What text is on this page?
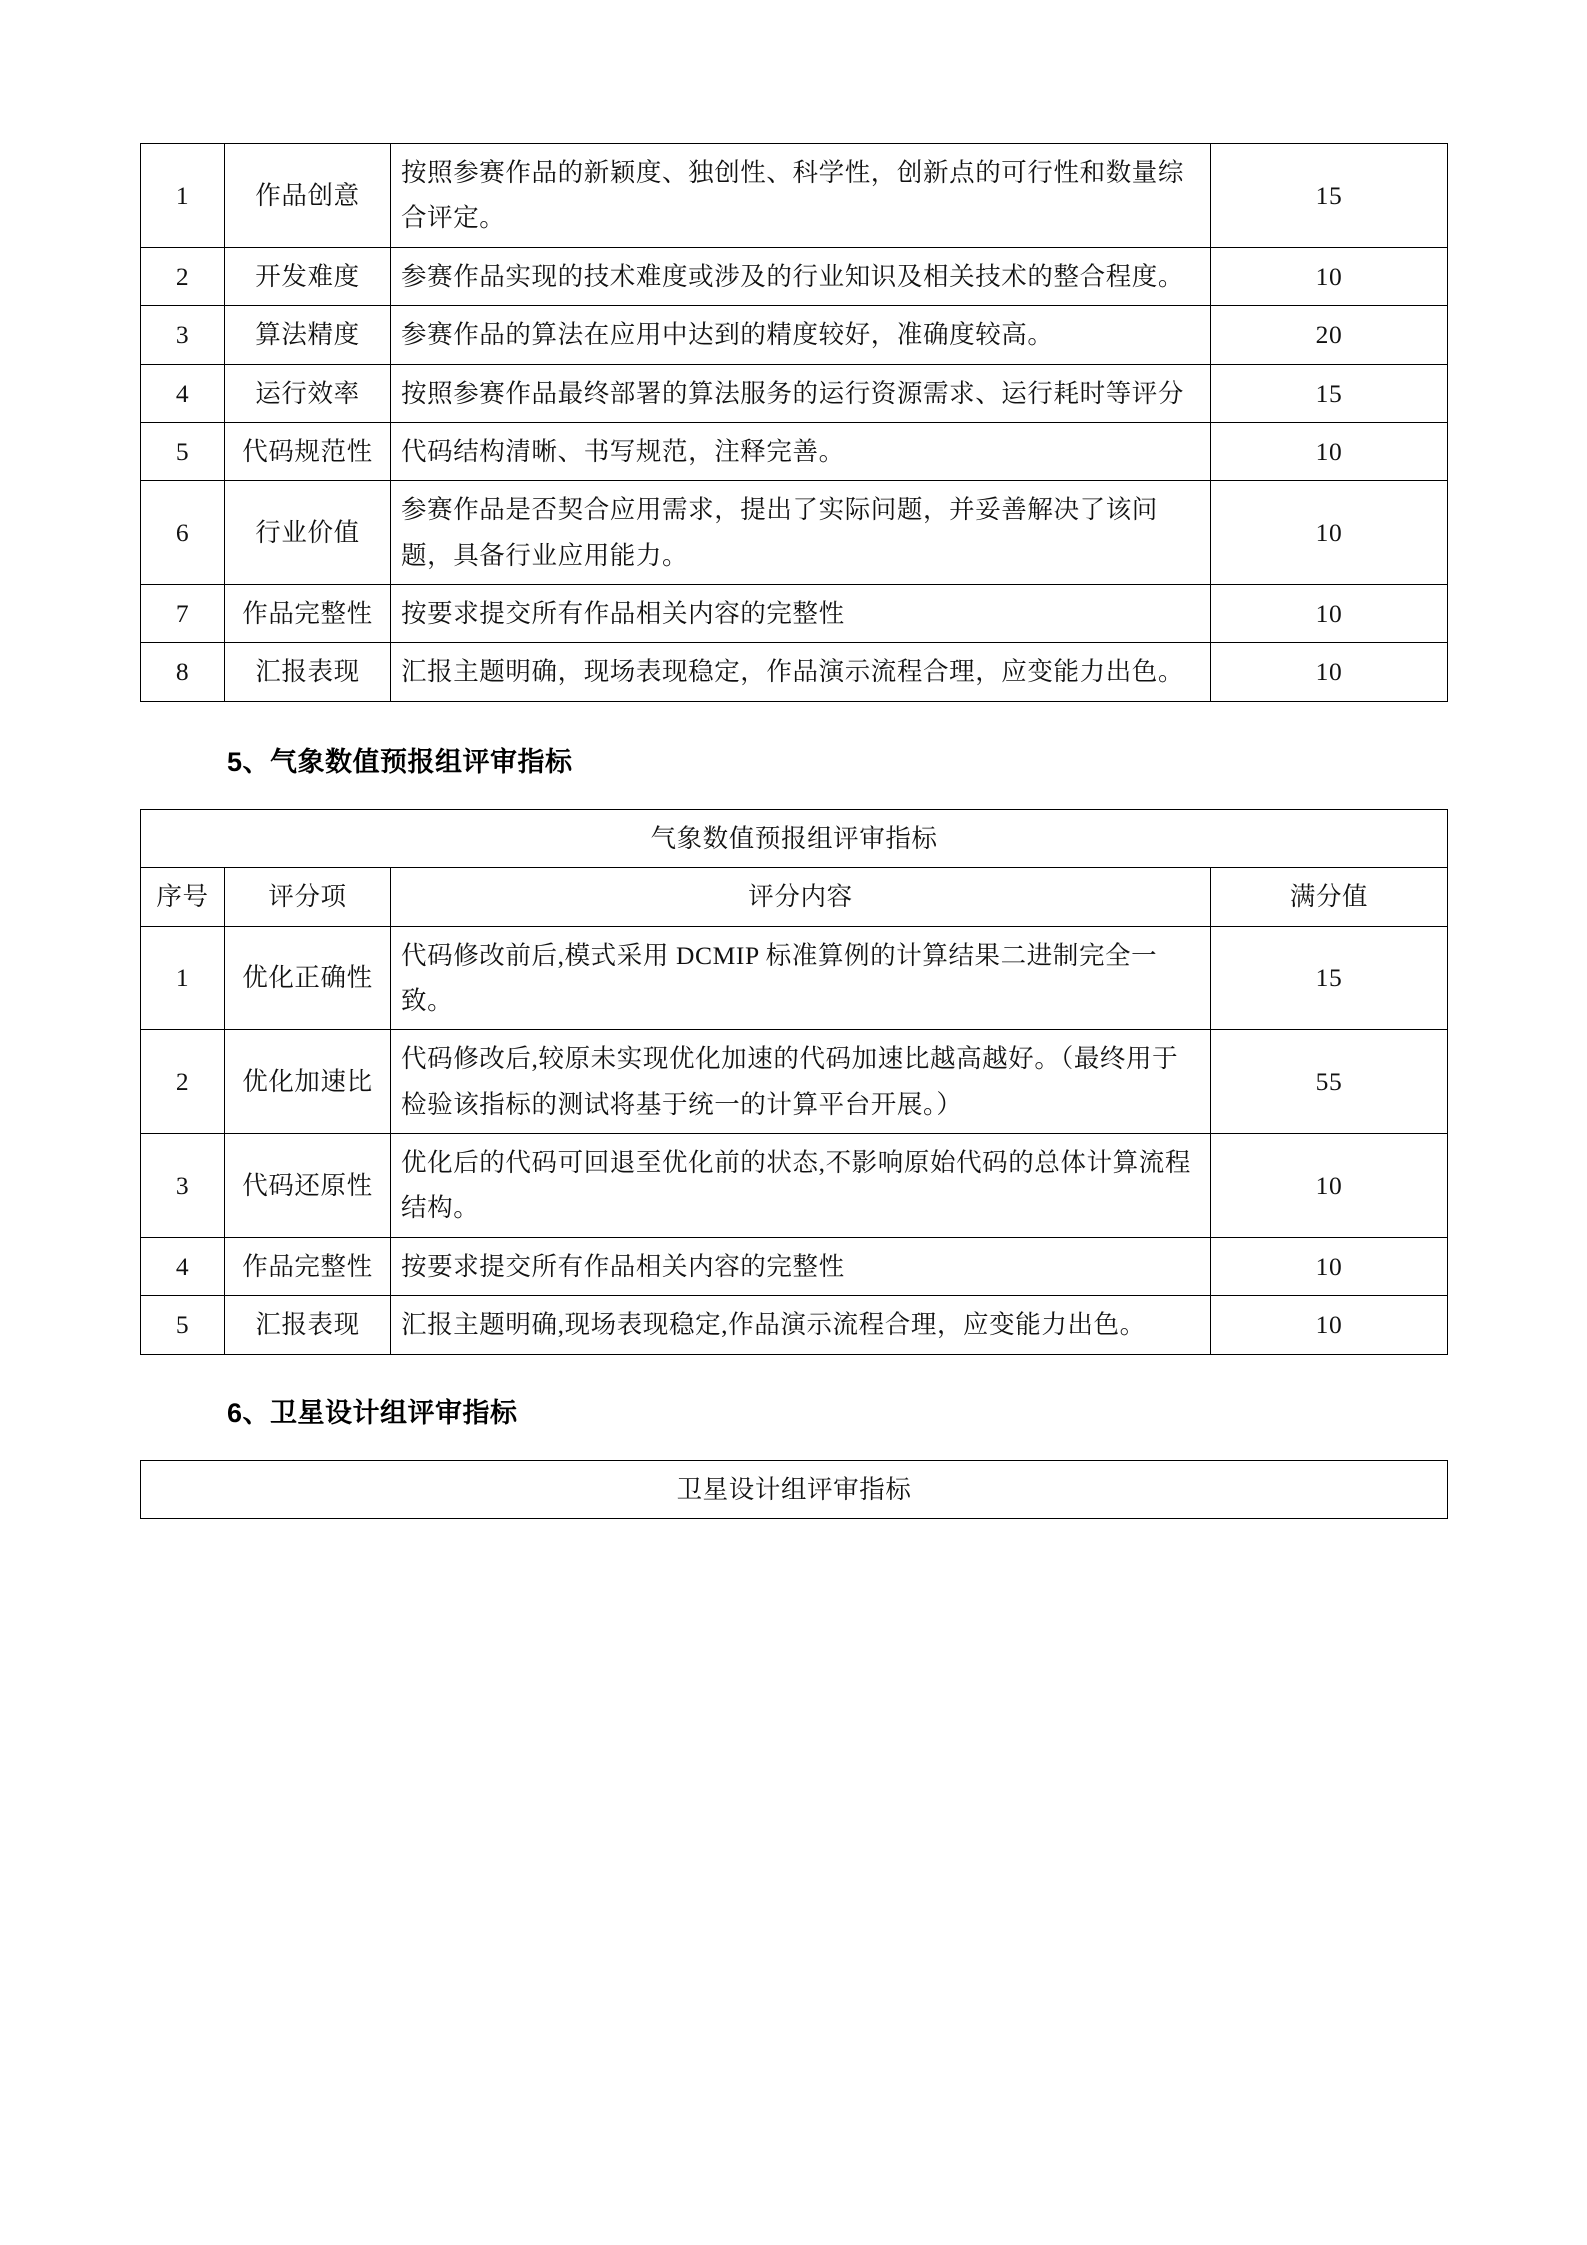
1	作品创意	按照参赛作品的新颖度、独创性、科学性，创新点的可行性和数量综合评定。	15
2	开发难度	参赛作品实现的技术难度或涉及的行业知识及相关技术的整合程度。	10
3	算法精度	参赛作品的算法在应用中达到的精度较好，准确度较高。	20
4	运行效率	按照参赛作品最终部署的算法服务的运行资源需求、运行耗时等评分	15
5	代码规范性	代码结构清晰、书写规范，注释完善。	10
6	行业价值	参赛作品是否契合应用需求，提出了实际问题，并妥善解决了该问题，具备行业应用能力。	10
7	作品完整性	按要求提交所有作品相关内容的完整性	10
8	汇报表现	汇报主题明确，现场表现稳定，作品演示流程合理，应变能力出色。	10
5、气象数值预报组评审指标
气象数值预报组评审指标			
序号	评分项	评分内容	满分值
1	优化正确性	代码修改前后,模式采用 DCMIP 标准算例的计算结果二进制完全一致。	15
2	优化加速比	代码修改后,较原未实现优化加速的代码加速比越高越好。（最终用于检验该指标的测试将基于统一的计算平台开展。）	55
3	代码还原性	优化后的代码可回退至优化前的状态,不影响原始代码的总体计算流程结构。	10
4	作品完整性	按要求提交所有作品相关内容的完整性	10
5	汇报表现	汇报主题明确,现场表现稳定,作品演示流程合理，应变能力出色。	10
6、卫星设计组评审指标
卫星设计组评审指标
